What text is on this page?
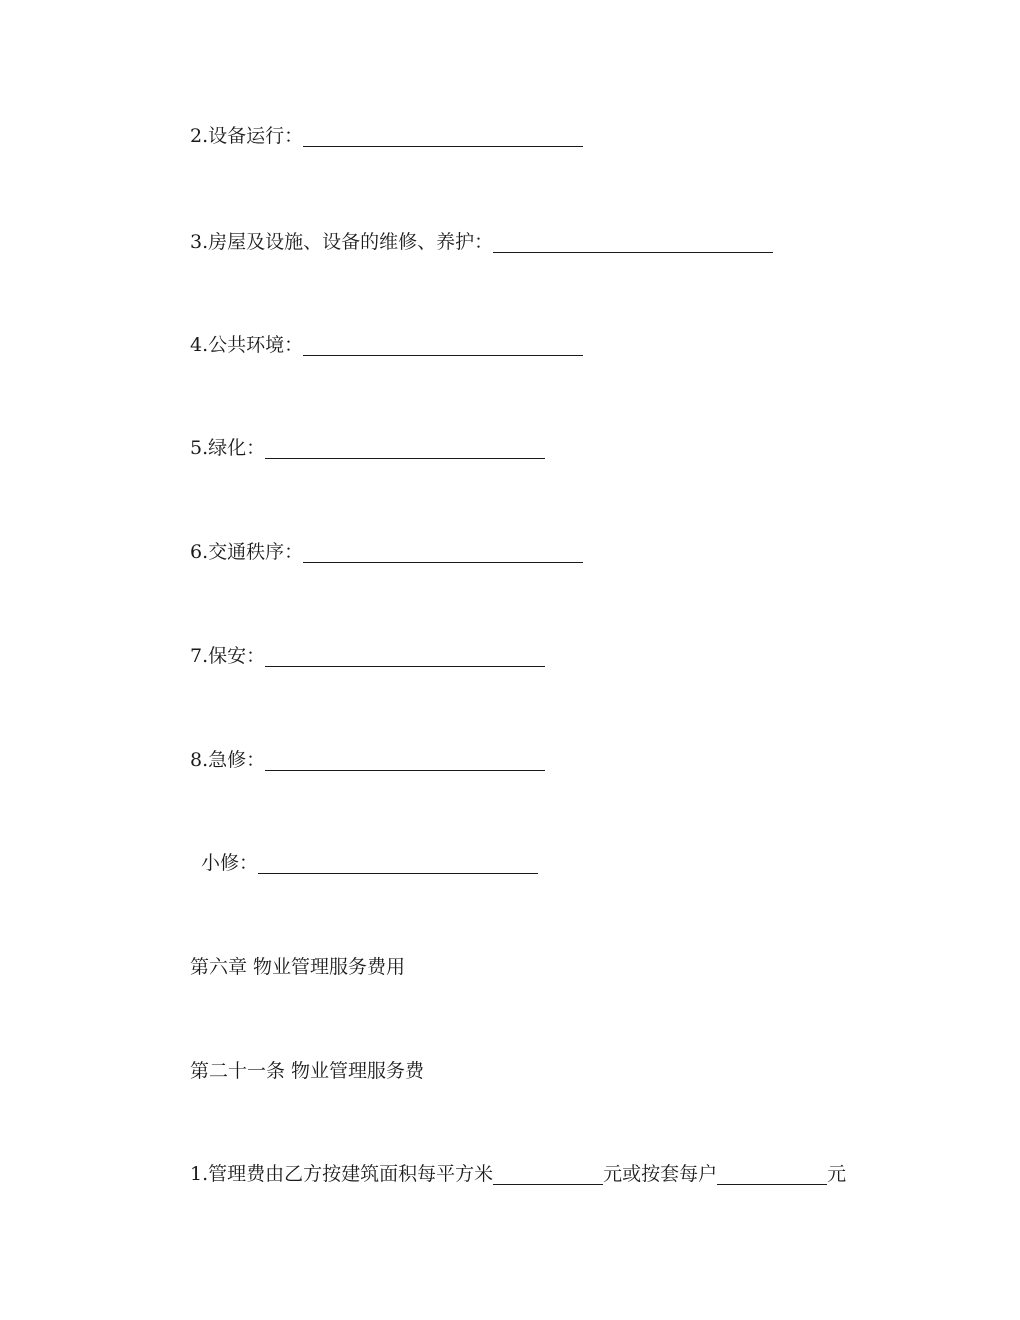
2.设备运行：
3.房屋及设施、设备的维修、养护：
4.公共环境：
5.绿化：
6.交通秩序：
7.保安：
8.急修：
小修：
第六章 物业管理服务费用
第二十一条 物业管理服务费
1.管理费由乙方按建筑面积每平方米	元或按套每户	元
